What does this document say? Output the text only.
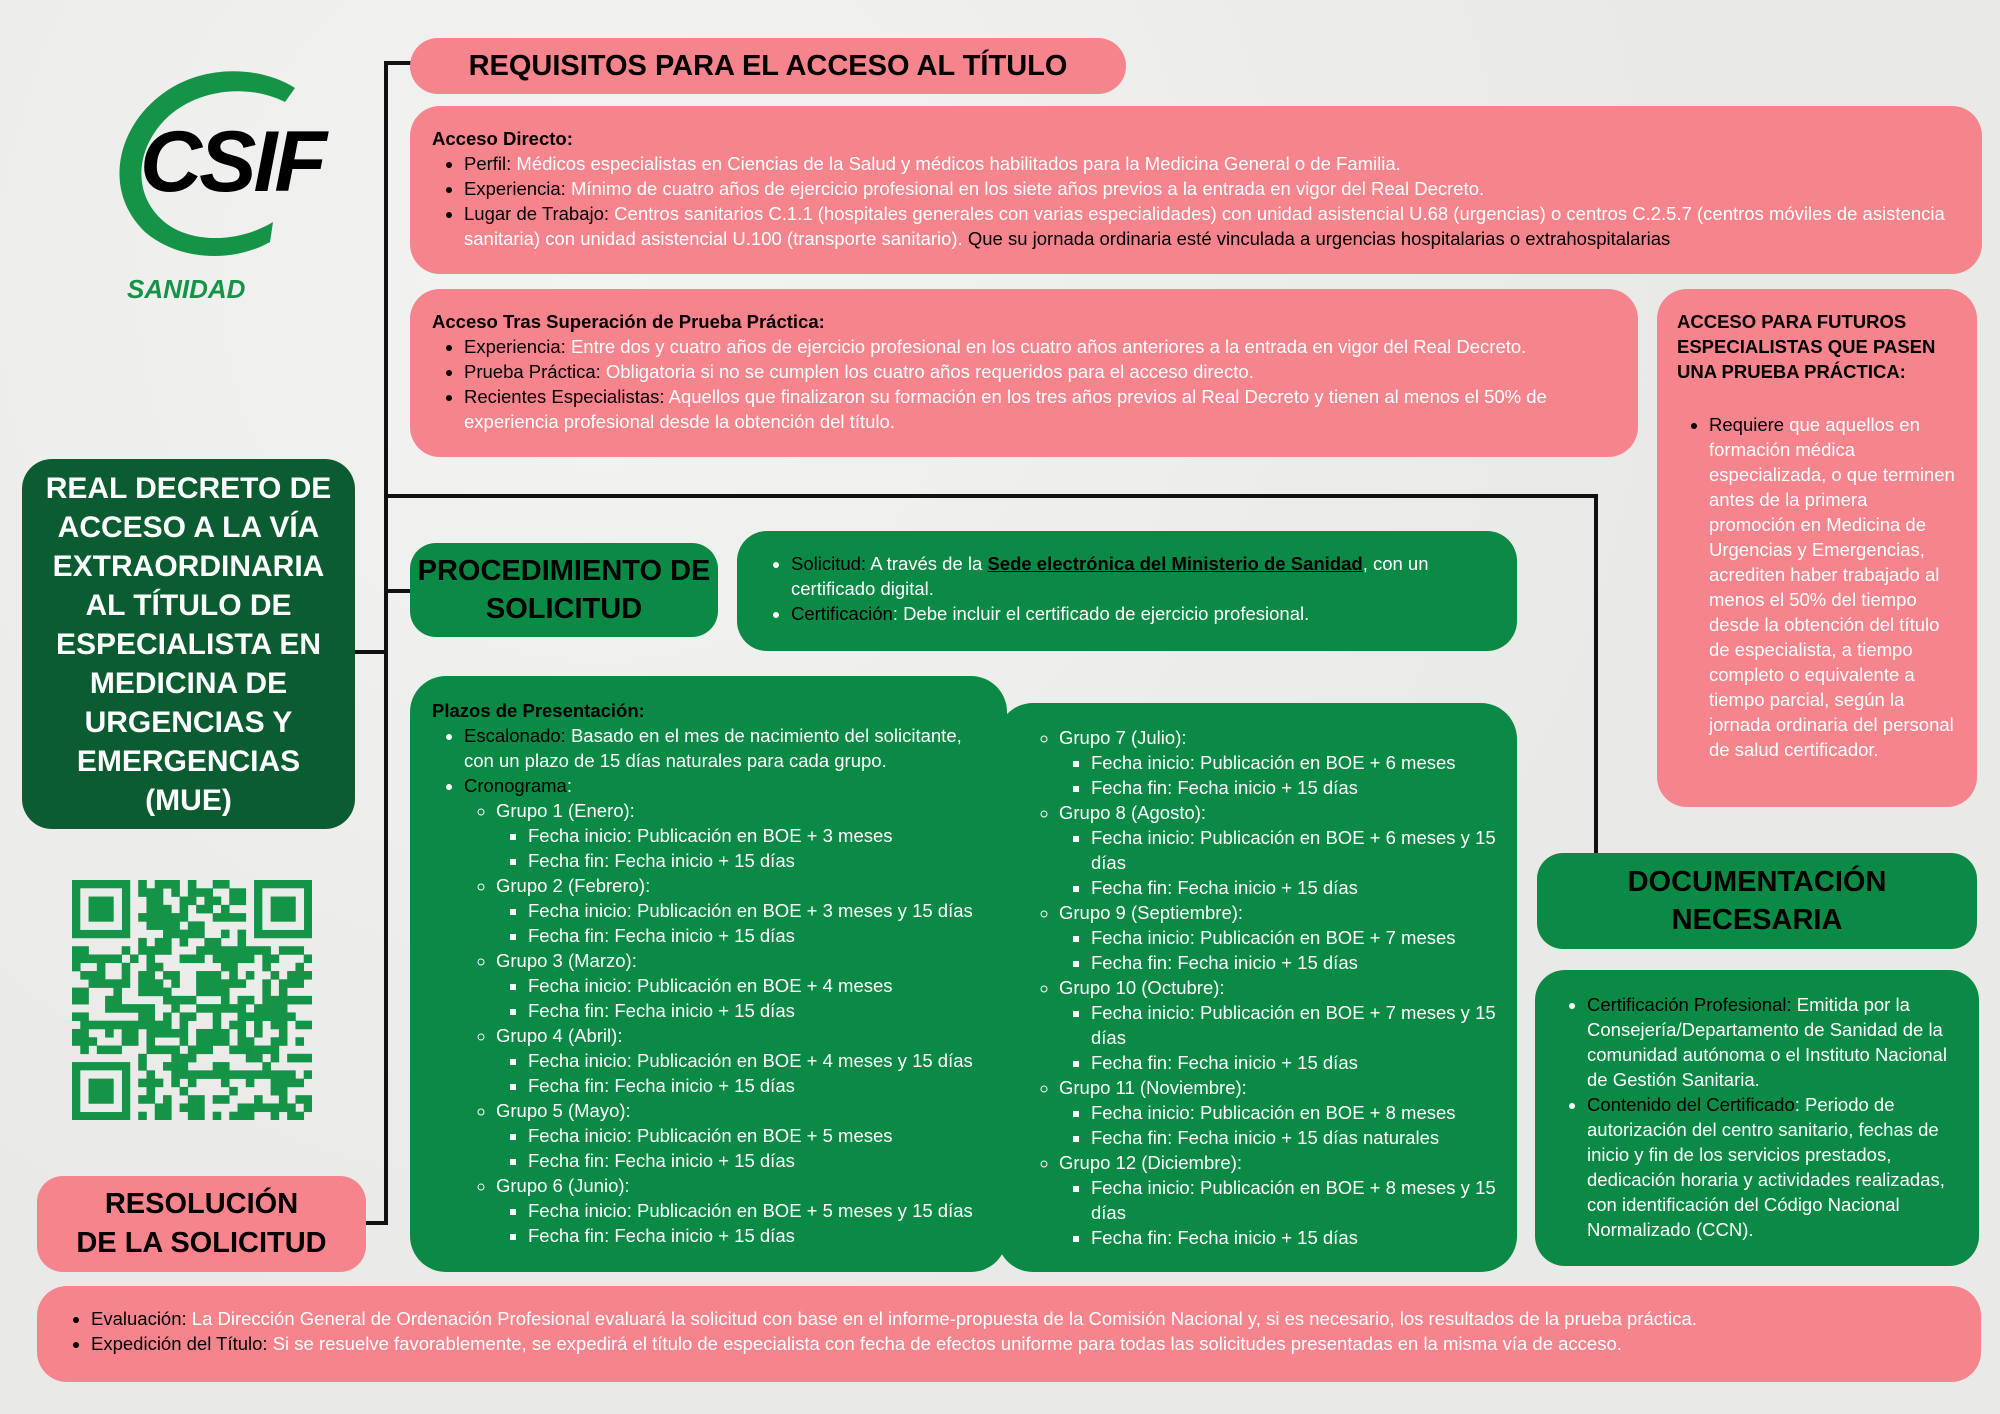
CSIF
SANIDAD
REAL DECRETO DE ACCESO A LA VÍA EXTRAORDINARIA AL TÍTULO DE ESPECIALISTA EN MEDICINA DE URGENCIAS Y EMERGENCIAS (MUE)
REQUISITOS PARA EL ACCESO AL TÍTULO
Acceso Directo:
• Perfil: Médicos especialistas en Ciencias de la Salud y médicos habilitados para la Medicina General o de Familia.
• Experiencia: Mínimo de cuatro años de ejercicio profesional en los siete años previos a la entrada en vigor del Real Decreto.
• Lugar de Trabajo: Centros sanitarios C.1.1 (hospitales generales con varias especialidades) con unidad asistencial U.68 (urgencias) o centros C.2.5.7 (centros móviles de asistencia sanitaria) con unidad asistencial U.100 (transporte sanitario). Que su jornada ordinaria esté vinculada a urgencias hospitalarias o extrahospitalarias
Acceso Tras Superación de Prueba Práctica:
• Experiencia: Entre dos y cuatro años de ejercicio profesional en los cuatro años anteriores a la entrada en vigor del Real Decreto.
• Prueba Práctica: Obligatoria si no se cumplen los cuatro años requeridos para el acceso directo.
• Recientes Especialistas: Aquellos que finalizaron su formación en los tres años previos al Real Decreto y tienen al menos el 50% de experiencia profesional desde la obtención del título.
ACCESO PARA FUTUROS ESPECIALISTAS QUE PASEN UNA PRUEBA PRÁCTICA:
• Requiere que aquellos en formación médica especializada, o que terminen antes de la primera promoción en Medicina de Urgencias y Emergencias, acrediten haber trabajado al menos el 50% del tiempo desde la obtención del título de especialista, a tiempo completo o equivalente a tiempo parcial, según la jornada ordinaria del personal de salud certificador.
PROCEDIMIENTO DE SOLICITUD
• Solicitud: A través de la Sede electrónica del Ministerio de Sanidad, con un certificado digital.
• Certificación: Debe incluir el certificado de ejercicio profesional.
◦ Grupo 7 (Julio):
▪ Fecha inicio: Publicación en BOE + 6 meses
▪ Fecha fin: Fecha inicio + 15 días
◦ Grupo 8 (Agosto):
▪ Fecha inicio: Publicación en BOE + 6 meses y 15 días
▪ Fecha fin: Fecha inicio + 15 días
◦ Grupo 9 (Septiembre):
▪ Fecha inicio: Publicación en BOE + 7 meses
▪ Fecha fin: Fecha inicio + 15 días
◦ Grupo 10 (Octubre):
▪ Fecha inicio: Publicación en BOE + 7 meses y 15 días
▪ Fecha fin: Fecha inicio + 15 días
◦ Grupo 11 (Noviembre):
▪ Fecha inicio: Publicación en BOE + 8 meses
▪ Fecha fin: Fecha inicio + 15 días naturales
◦ Grupo 12 (Diciembre):
▪ Fecha inicio: Publicación en BOE + 8 meses y 15 días
▪ Fecha fin: Fecha inicio + 15 días
Plazos de Presentación:
• Escalonado: Basado en el mes de nacimiento del solicitante, con un plazo de 15 días naturales para cada grupo.
• Cronograma:
◦ Grupo 1 (Enero):
▪ Fecha inicio: Publicación en BOE + 3 meses
▪ Fecha fin: Fecha inicio + 15 días
◦ Grupo 2 (Febrero):
▪ Fecha inicio: Publicación en BOE + 3 meses y 15 días
▪ Fecha fin: Fecha inicio + 15 días
◦ Grupo 3 (Marzo):
▪ Fecha inicio: Publicación en BOE + 4 meses
▪ Fecha fin: Fecha inicio + 15 días
◦ Grupo 4 (Abril):
▪ Fecha inicio: Publicación en BOE + 4 meses y 15 días
▪ Fecha fin: Fecha inicio + 15 días
◦ Grupo 5 (Mayo):
▪ Fecha inicio: Publicación en BOE + 5 meses
▪ Fecha fin: Fecha inicio + 15 días
◦ Grupo 6 (Junio):
▪ Fecha inicio: Publicación en BOE + 5 meses y 15 días
▪ Fecha fin: Fecha inicio + 15 días
DOCUMENTACIÓN NECESARIA
• Certificación Profesional: Emitida por la Consejería/Departamento de Sanidad de la comunidad autónoma o el Instituto Nacional de Gestión Sanitaria.
• Contenido del Certificado: Periodo de autorización del centro sanitario, fechas de inicio y fin de los servicios prestados, dedicación horaria y actividades realizadas, con identificación del Código Nacional Normalizado (CCN).
RESOLUCIÓN
DE LA SOLICITUD
• Evaluación: La Dirección General de Ordenación Profesional evaluará la solicitud con base en el informe-propuesta de la Comisión Nacional y, si es necesario, los resultados de la prueba práctica.
• Expedición del Título: Si se resuelve favorablemente, se expedirá el título de especialista con fecha de efectos uniforme para todas las solicitudes presentadas en la misma vía de acceso.
